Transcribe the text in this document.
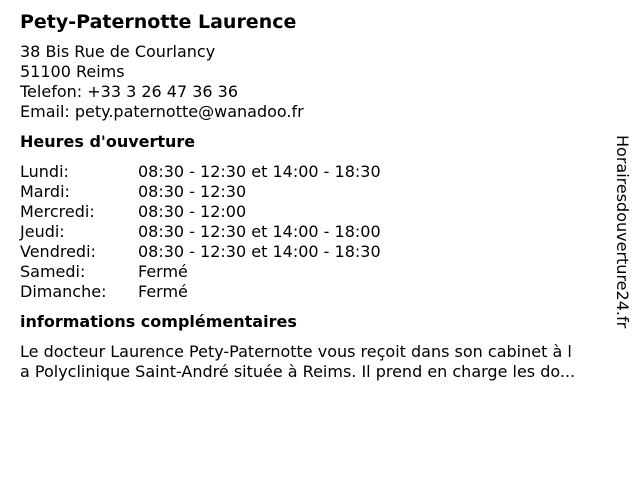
Pety-Paternotte Laurence
38 Bis Rue de Courlancy
51100 Reims
Telefon: +33 3 26 47 36 36
Email: pety.paternotte@wanadoo.fr
Heures d'ouverture
Lundi:	08:30 - 12:30 et 14:00 - 18:30
Mardi:	08:30 - 12:30
Mercredi:	08:30 - 12:00
Jeudi:	08:30 - 12:30 et 14:00 - 18:00
Vendredi:	08:30 - 12:30 et 14:00 - 18:30
Samedi:	Fermé
Dimanche:	Fermé
informations complémentaires
Le docteur Laurence Pety-Paternotte vous reçoit dans son cabinet à l
a Polyclinique Saint-André située à Reims. Il prend en charge les do...
Horairesdouverture24.fr
